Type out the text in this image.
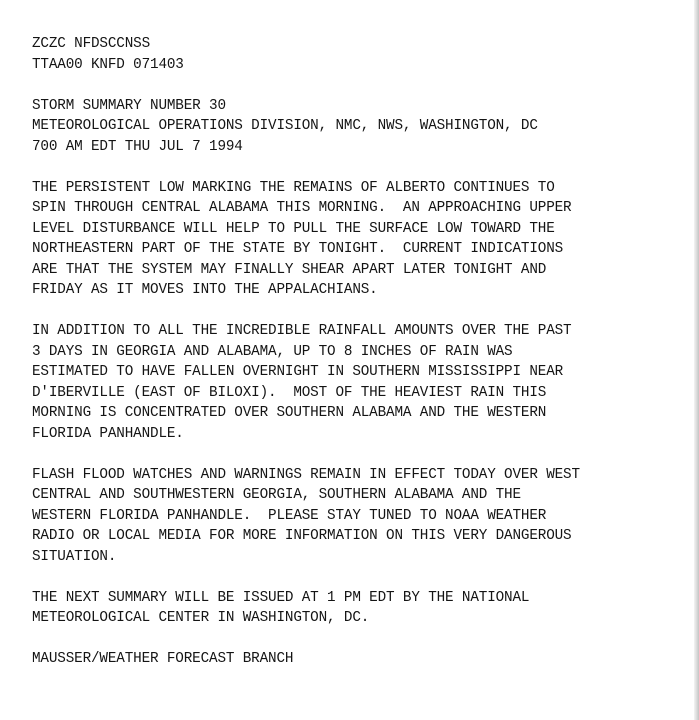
ZCZC NFDSCCNSS
TTAA00 KNFD 071403
STORM SUMMARY NUMBER 30
METEOROLOGICAL OPERATIONS DIVISION, NMC, NWS, WASHINGTON, DC
700 AM EDT THU JUL 7 1994
THE PERSISTENT LOW MARKING THE REMAINS OF ALBERTO CONTINUES TO
SPIN THROUGH CENTRAL ALABAMA THIS MORNING.  AN APPROACHING UPPER
LEVEL DISTURBANCE WILL HELP TO PULL THE SURFACE LOW TOWARD THE
NORTHEASTERN PART OF THE STATE BY TONIGHT.  CURRENT INDICATIONS
ARE THAT THE SYSTEM MAY FINALLY SHEAR APART LATER TONIGHT AND
FRIDAY AS IT MOVES INTO THE APPALACHIANS.
IN ADDITION TO ALL THE INCREDIBLE RAINFALL AMOUNTS OVER THE PAST
3 DAYS IN GEORGIA AND ALABAMA, UP TO 8 INCHES OF RAIN WAS
ESTIMATED TO HAVE FALLEN OVERNIGHT IN SOUTHERN MISSISSIPPI NEAR
D'IBERVILLE (EAST OF BILOXI).  MOST OF THE HEAVIEST RAIN THIS
MORNING IS CONCENTRATED OVER SOUTHERN ALABAMA AND THE WESTERN
FLORIDA PANHANDLE.
FLASH FLOOD WATCHES AND WARNINGS REMAIN IN EFFECT TODAY OVER WEST
CENTRAL AND SOUTHWESTERN GEORGIA, SOUTHERN ALABAMA AND THE
WESTERN FLORIDA PANHANDLE.  PLEASE STAY TUNED TO NOAA WEATHER
RADIO OR LOCAL MEDIA FOR MORE INFORMATION ON THIS VERY DANGEROUS
SITUATION.
THE NEXT SUMMARY WILL BE ISSUED AT 1 PM EDT BY THE NATIONAL
METEOROLOGICAL CENTER IN WASHINGTON, DC.
MAUSSER/WEATHER FORECAST BRANCH
